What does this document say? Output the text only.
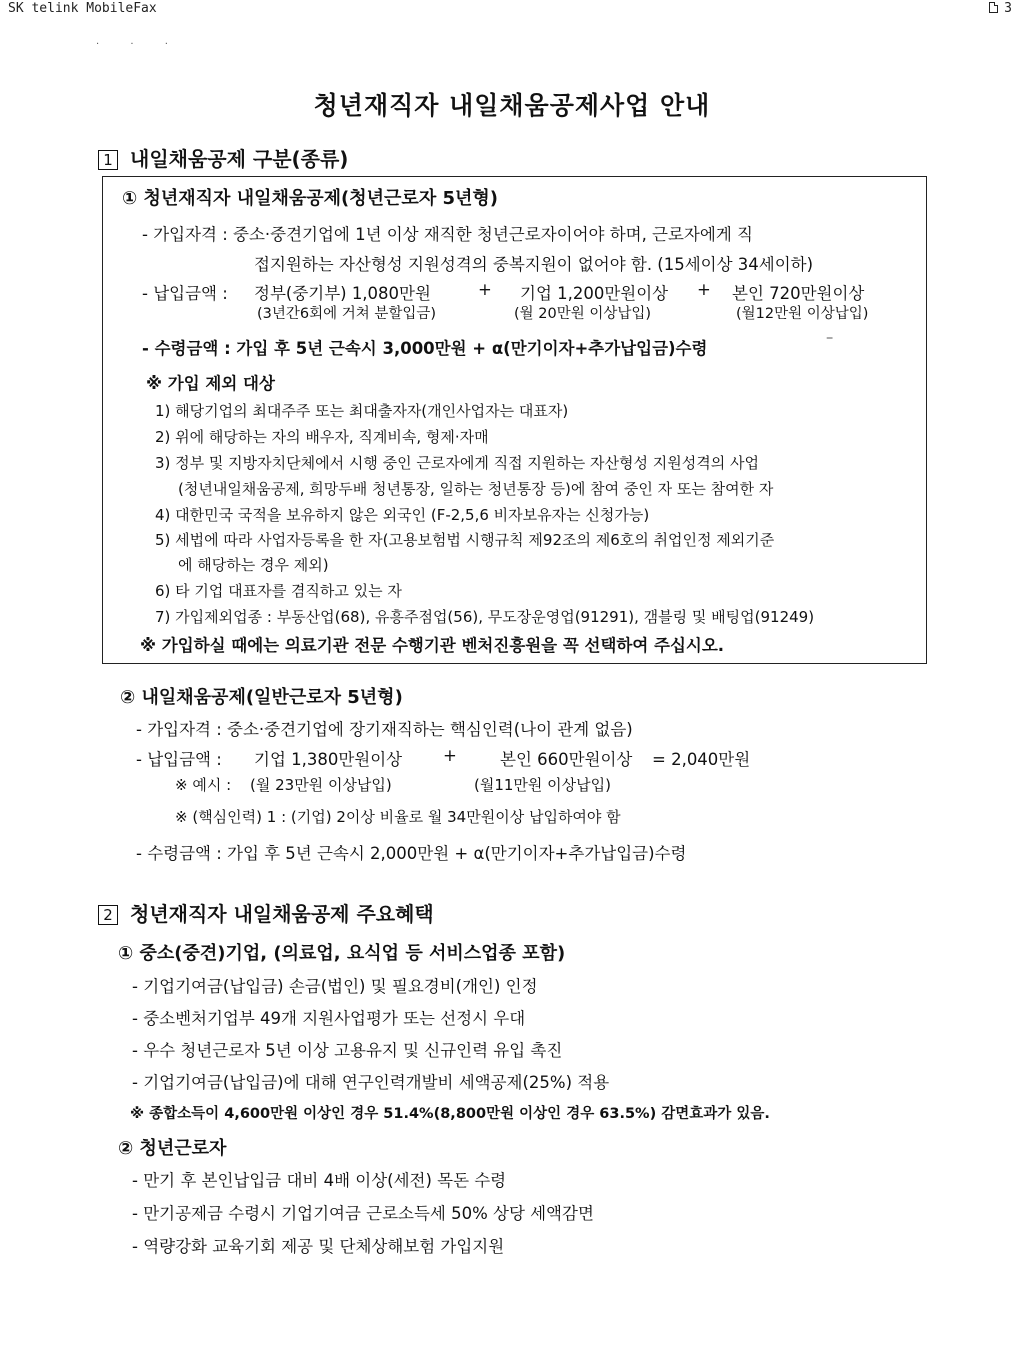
SK telink MobileFax	3
. . .
청년재직자 내일채움공제사업 안내
1 내일채움공제 구분(종류)
① 청년재직자 내일채움공제(청년근로자 5년형)
- 가입자격 : 중소·중견기업에 1년 이상 재직한 청년근로자이어야 하며, 근로자에게 직
접지원하는 자산형성 지원성격의 중복지원이 없어야 함. (15세이상 34세이하)
- 납입금액 : 정부(중기부) 1,080만원	+ 기업 1,200만원이상 + 본인 720만원이상
(3년간6회에 거쳐 분할입금)	(월 20만원 이상납입)	(월12만원 이상납입)
- 수령금액 : 가입 후 5년 근속시 3,000만원 + α(만기이자+추가납입금)수령
–
※ 가입 제외 대상
1) 해당기업의 최대주주 또는 최대출자자(개인사업자는 대표자)
2) 위에 해당하는 자의 배우자, 직계비속, 형제·자매
3) 정부 및 지방자치단체에서 시행 중인 근로자에게 직접 지원하는 자산형성 지원성격의 사업
(청년내일채움공제, 희망두배 청년통장, 일하는 청년통장 등)에 참여 중인 자 또는 참여한 자
4) 대한민국 국적을 보유하지 않은 외국인 (F-2,5,6 비자보유자는 신청가능)
5) 세법에 따라 사업자등록을 한 자(고용보험법 시행규칙 제92조의 제6호의 취업인정 제외기준
에 해당하는 경우 제외)
6) 타 기업 대표자를 겸직하고 있는 자
7) 가입제외업종 : 부동산업(68), 유흥주점업(56), 무도장운영업(91291), 갬블링 및 배팅업(91249)
※ 가입하실 때에는 의료기관 전문 수행기관 벤처진흥원을 꼭 선택하여 주십시오.
② 내일채움공제(일반근로자 5년형)
- 가입자격 : 중소·중견기업에 장기재직하는 핵심인력(나이 관계 없음)
- 납입금액 : 기업 1,380만원이상 +	본인 660만원이상 = 2,040만원
※ 예시 : (월 23만원 이상납입)	(월11만원 이상납입)
※ (핵심인력) 1 : (기업) 2이상 비율로 월 34만원이상 납입하여야 함
- 수령금액 : 가입 후 5년 근속시 2,000만원 + α(만기이자+추가납입금)수령
2 청년재직자 내일채움공제 주요혜택
① 중소(중견)기업, (의료업, 요식업 등 서비스업종 포함)
- 기업기여금(납입금) 손금(법인) 및 필요경비(개인) 인정
- 중소벤처기업부 49개 지원사업평가 또는 선정시 우대
- 우수 청년근로자 5년 이상 고용유지 및 신규인력 유입 촉진
- 기업기여금(납입금)에 대해 연구인력개발비 세액공제(25%) 적용
※ 종합소득이 4,600만원 이상인 경우 51.4%(8,800만원 이상인 경우 63.5%) 감면효과가 있음.
② 청년근로자
- 만기 후 본인납입금 대비 4배 이상(세전) 목돈 수령
- 만기공제금 수령시 기업기여금 근로소득세 50% 상당 세액감면
- 역량강화 교육기회 제공 및 단체상해보험 가입지원
